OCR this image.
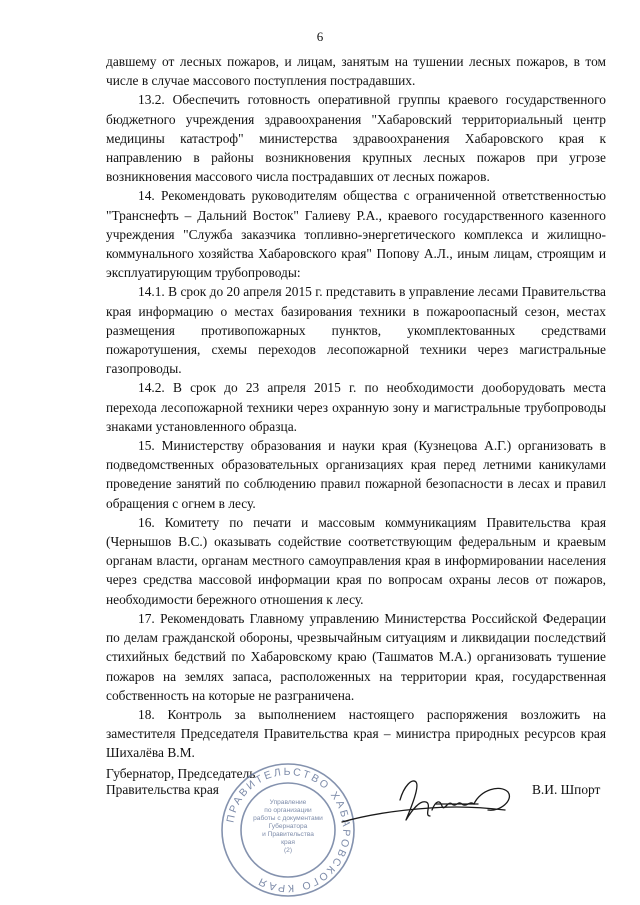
6

давшему от лесных пожаров, и лицам, занятым на тушении лесных пожаров, в том числе в случае массового поступления пострадавших.

13.2. Обеспечить готовность оперативной группы краевого государственного бюджетного учреждения здравоохранения "Хабаровский территориальный центр медицины катастроф" министерства здравоохранения Хабаровского края к направлению в районы возникновения крупных лесных пожаров при угрозе возникновения массового числа пострадавших от лесных пожаров.

14. Рекомендовать руководителям общества с ограниченной ответственностью "Транснефть – Дальний Восток" Галиеву Р.А., краевого государственного казенного учреждения "Служба заказчика топливно-энергетического комплекса и жилищно-коммунального хозяйства Хабаровского края" Попову А.Л., иным лицам, строящим и эксплуатирующим трубопроводы:

14.1. В срок до 20 апреля 2015 г. представить в управление лесами Правительства края информацию о местах базирования техники в пожароопасный сезон, местах размещения противопожарных пунктов, укомплектованных средствами пожаротушения, схемы переходов лесопожарной техники через магистральные газопроводы.

14.2. В срок до 23 апреля 2015 г. по необходимости дооборудовать места перехода лесопожарной техники через охранную зону и магистральные трубопроводы знаками установленного образца.

15. Министерству образования и науки края (Кузнецова А.Г.) организовать в подведомственных образовательных организациях края перед летними каникулами проведение занятий по соблюдению правил пожарной безопасности в лесах и правил обращения с огнем в лесу.

16. Комитету по печати и массовым коммуникациям Правительства края (Чернышов В.С.) оказывать содействие соответствующим федеральным и краевым органам власти, органам местного самоуправления края в информировании населения через средства массовой информации края по вопросам охраны лесов от пожаров, необходимости бережного отношения к лесу.

17. Рекомендовать Главному управлению Министерства Российской Федерации по делам гражданской обороны, чрезвычайным ситуациям и ликвидации последствий стихийных бедствий по Хабаровскому краю (Ташматов М.А.) организовать тушение пожаров на землях запаса, расположенных на территории края, государственная собственность на которые не разграничена.

18. Контроль за выполнением настоящего распоряжения возложить на заместителя Председателя Правительства края – министра природных ресурсов края Шихалёва В.М.

Губернатор, Председатель
Правительства края
ПРАВИТЕЛЬСТВО ХАБАРОВСКОГО КРАЯ
Управление
по организации
работы с документами
Губернатора
и Правительства
края
(2)
В.И. Шпорт
